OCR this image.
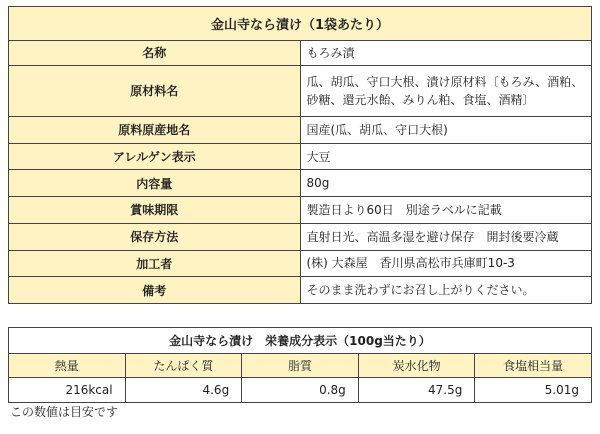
金山寺なら漬け（1袋あたり）	
名称	もろみ漬
原材料名	瓜、胡瓜、守口大根、漬け原材料〔もろみ、酒粕、砂糖、還元水飴、みりん粕、食塩、酒精〕
原料原産地名	国産(瓜、胡瓜、守口大根)
アレルゲン表示	大豆
内容量	80g
賞味期限	製造日より60日　別途ラベルに記載
保存方法	直射日光、高温多湿を避け保存　開封後要冷蔵
加工者	(株) 大森屋　香川県高松市兵庫町10-3
備考	そのまま洗わずにお召し上がりください。
金山寺なら漬け　栄養成分表示（100g当たり）				
熱量	たんぱく質	脂質	炭水化物	食塩相当量
216kcal	4.6g	0.8g	47.5g	5.01g
この数値は目安です
